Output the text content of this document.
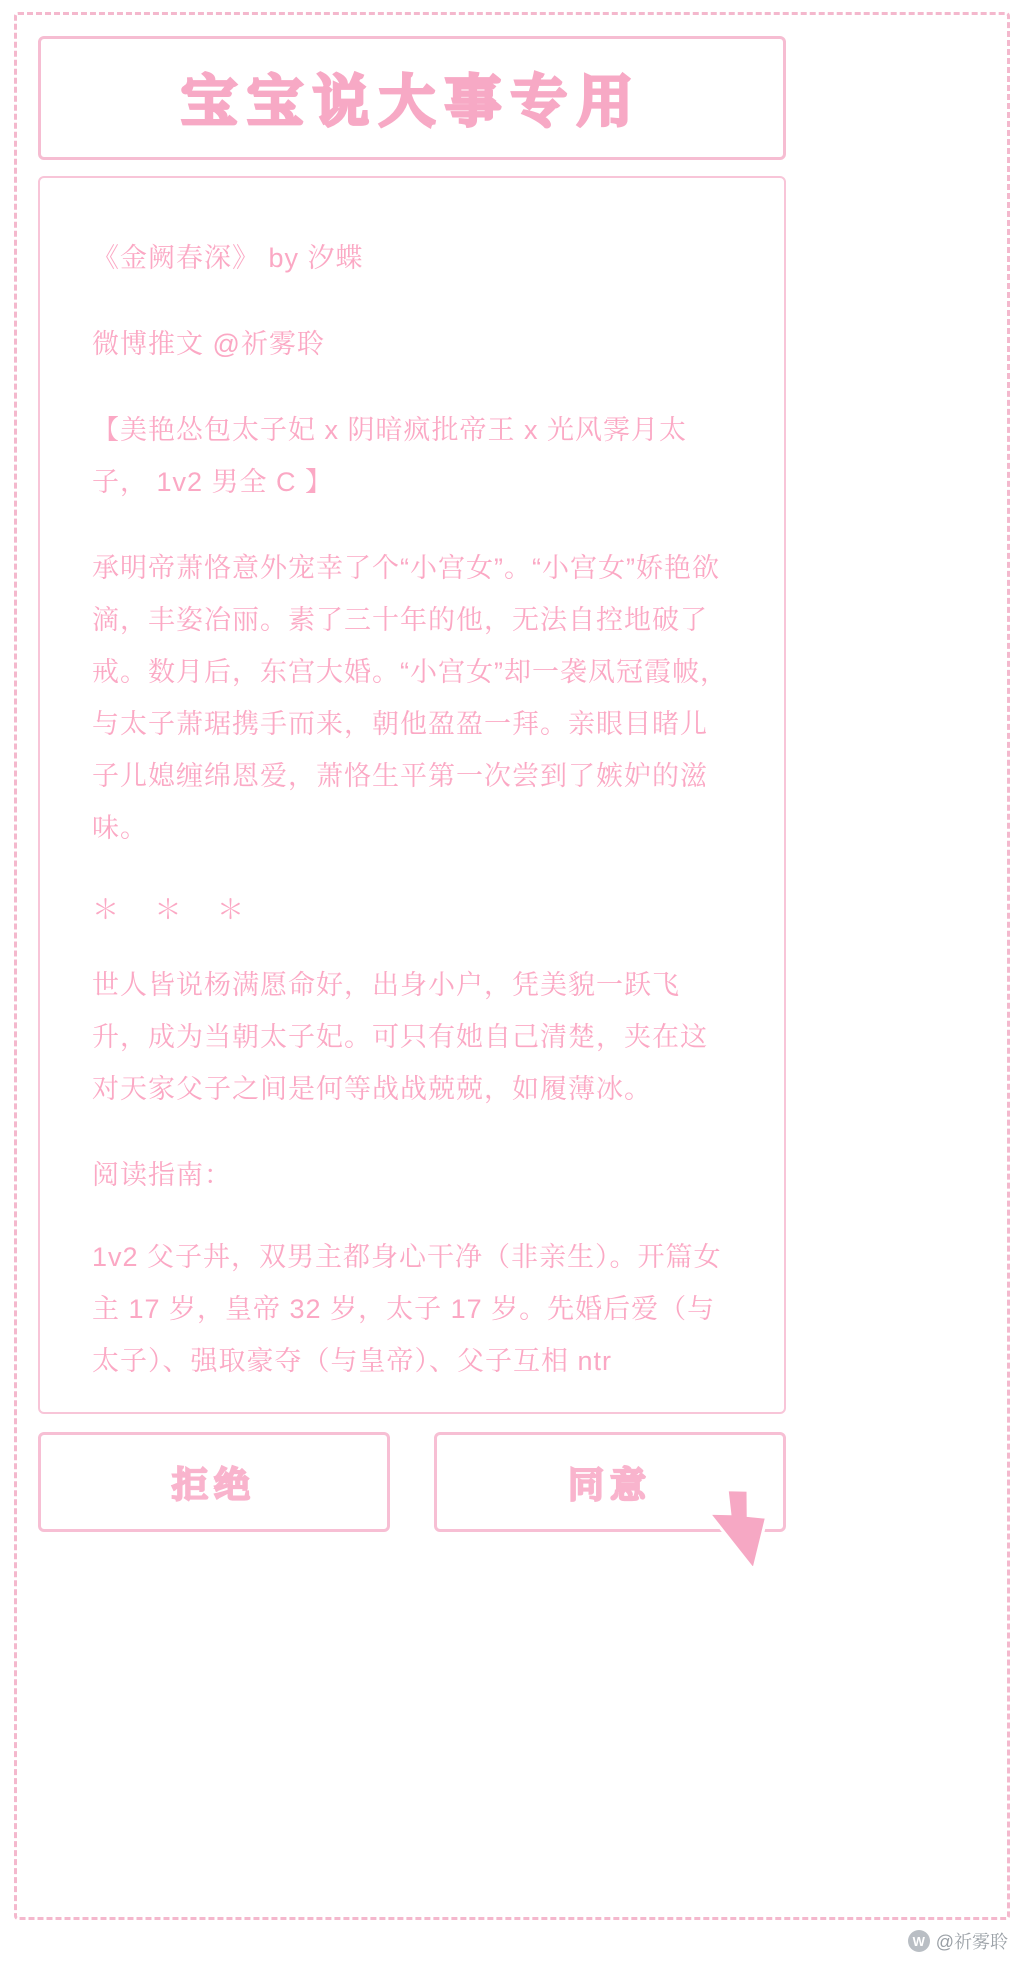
宝宝说大事专用

《金阙春深》 by 汐蝶

微博推文 @祈雾聆

【美艳怂包太子妃 x 阴暗疯批帝王 x 光风霁月太子， 1v2 男全 C 】

承明帝萧恪意外宠幸了个“小宫女”。“小宫女”娇艳欲滴，丰姿冶丽。素了三十年的他，无法自控地破了戒。数月后，东宫大婚。“小宫女”却一袭凤冠霞帔，与太子萧琚携手而来，朝他盈盈一拜。亲眼目睹儿子儿媳缠绵恩爱，萧恪生平第一次尝到了嫉妒的滋味。

＊ ＊ ＊

世人皆说杨满愿命好，出身小户，凭美貌一跃飞升，成为当朝太子妃。可只有她自己清楚，夹在这对天家父子之间是何等战战兢兢，如履薄冰。

阅读指南：

1v2 父子丼，双男主都身心干净（非亲生）。开篇女主 17 岁，皇帝 32 岁，太子 17 岁。先婚后爱（与太子）、强取豪夺（与皇帝）、父子互相 ntr

拒绝	同意
W @祈雾聆
